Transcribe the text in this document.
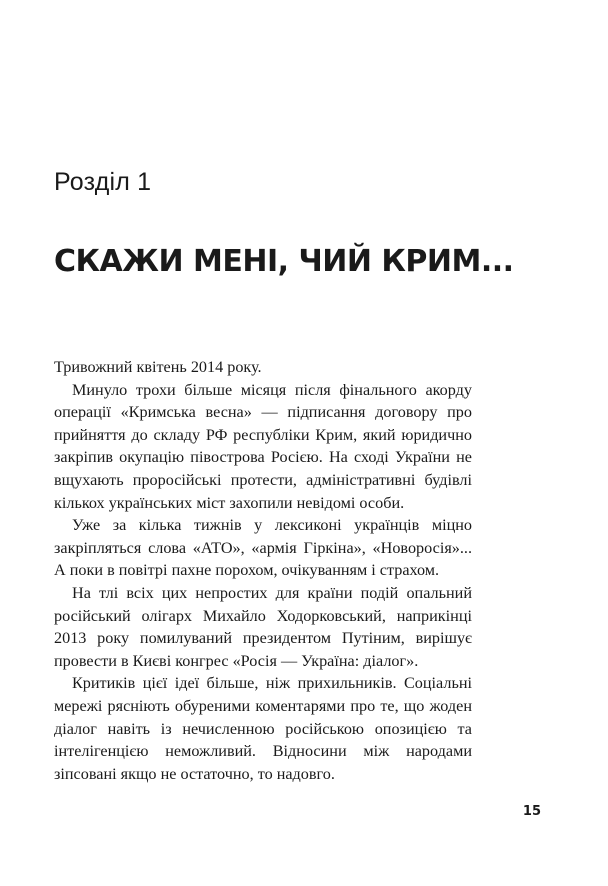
Розділ 1
СКАЖИ МЕНІ, ЧИЙ КРИМ...

Тривожний квітень 2014 року.

Минуло трохи більше місяця після фінального акорду операції «Кримська весна» — підписання договору про прийняття до складу РФ республіки Крим, який юридично закріпив окупацію півострова Росією. На сході України не вщухають проросійські протести, адміністративні будівлі кількох українських міст захопили невідомі особи.

Уже за кілька тижнів у лексиконі українців міцно закріпляться слова «АТО», «армія Гіркіна», «Новоросія»... А поки в повітрі пахне порохом, очікуванням і страхом.

На тлі всіх цих непростих для країни подій опальний російський олігарх Михайло Ходорковський, наприкінці 2013 року помилуваний президентом Путіним, вирішує провести в Києві конгрес «Росія — Україна: діалог».

Критиків цієї ідеї більше, ніж прихильників. Соціальні мережі рясніють обуреними коментарями про те, що жоден діалог навіть із нечисленною російською опозицією та інтелігенцією неможливий. Відносини між народами зіпсовані якщо не остаточно, то надовго.

15
